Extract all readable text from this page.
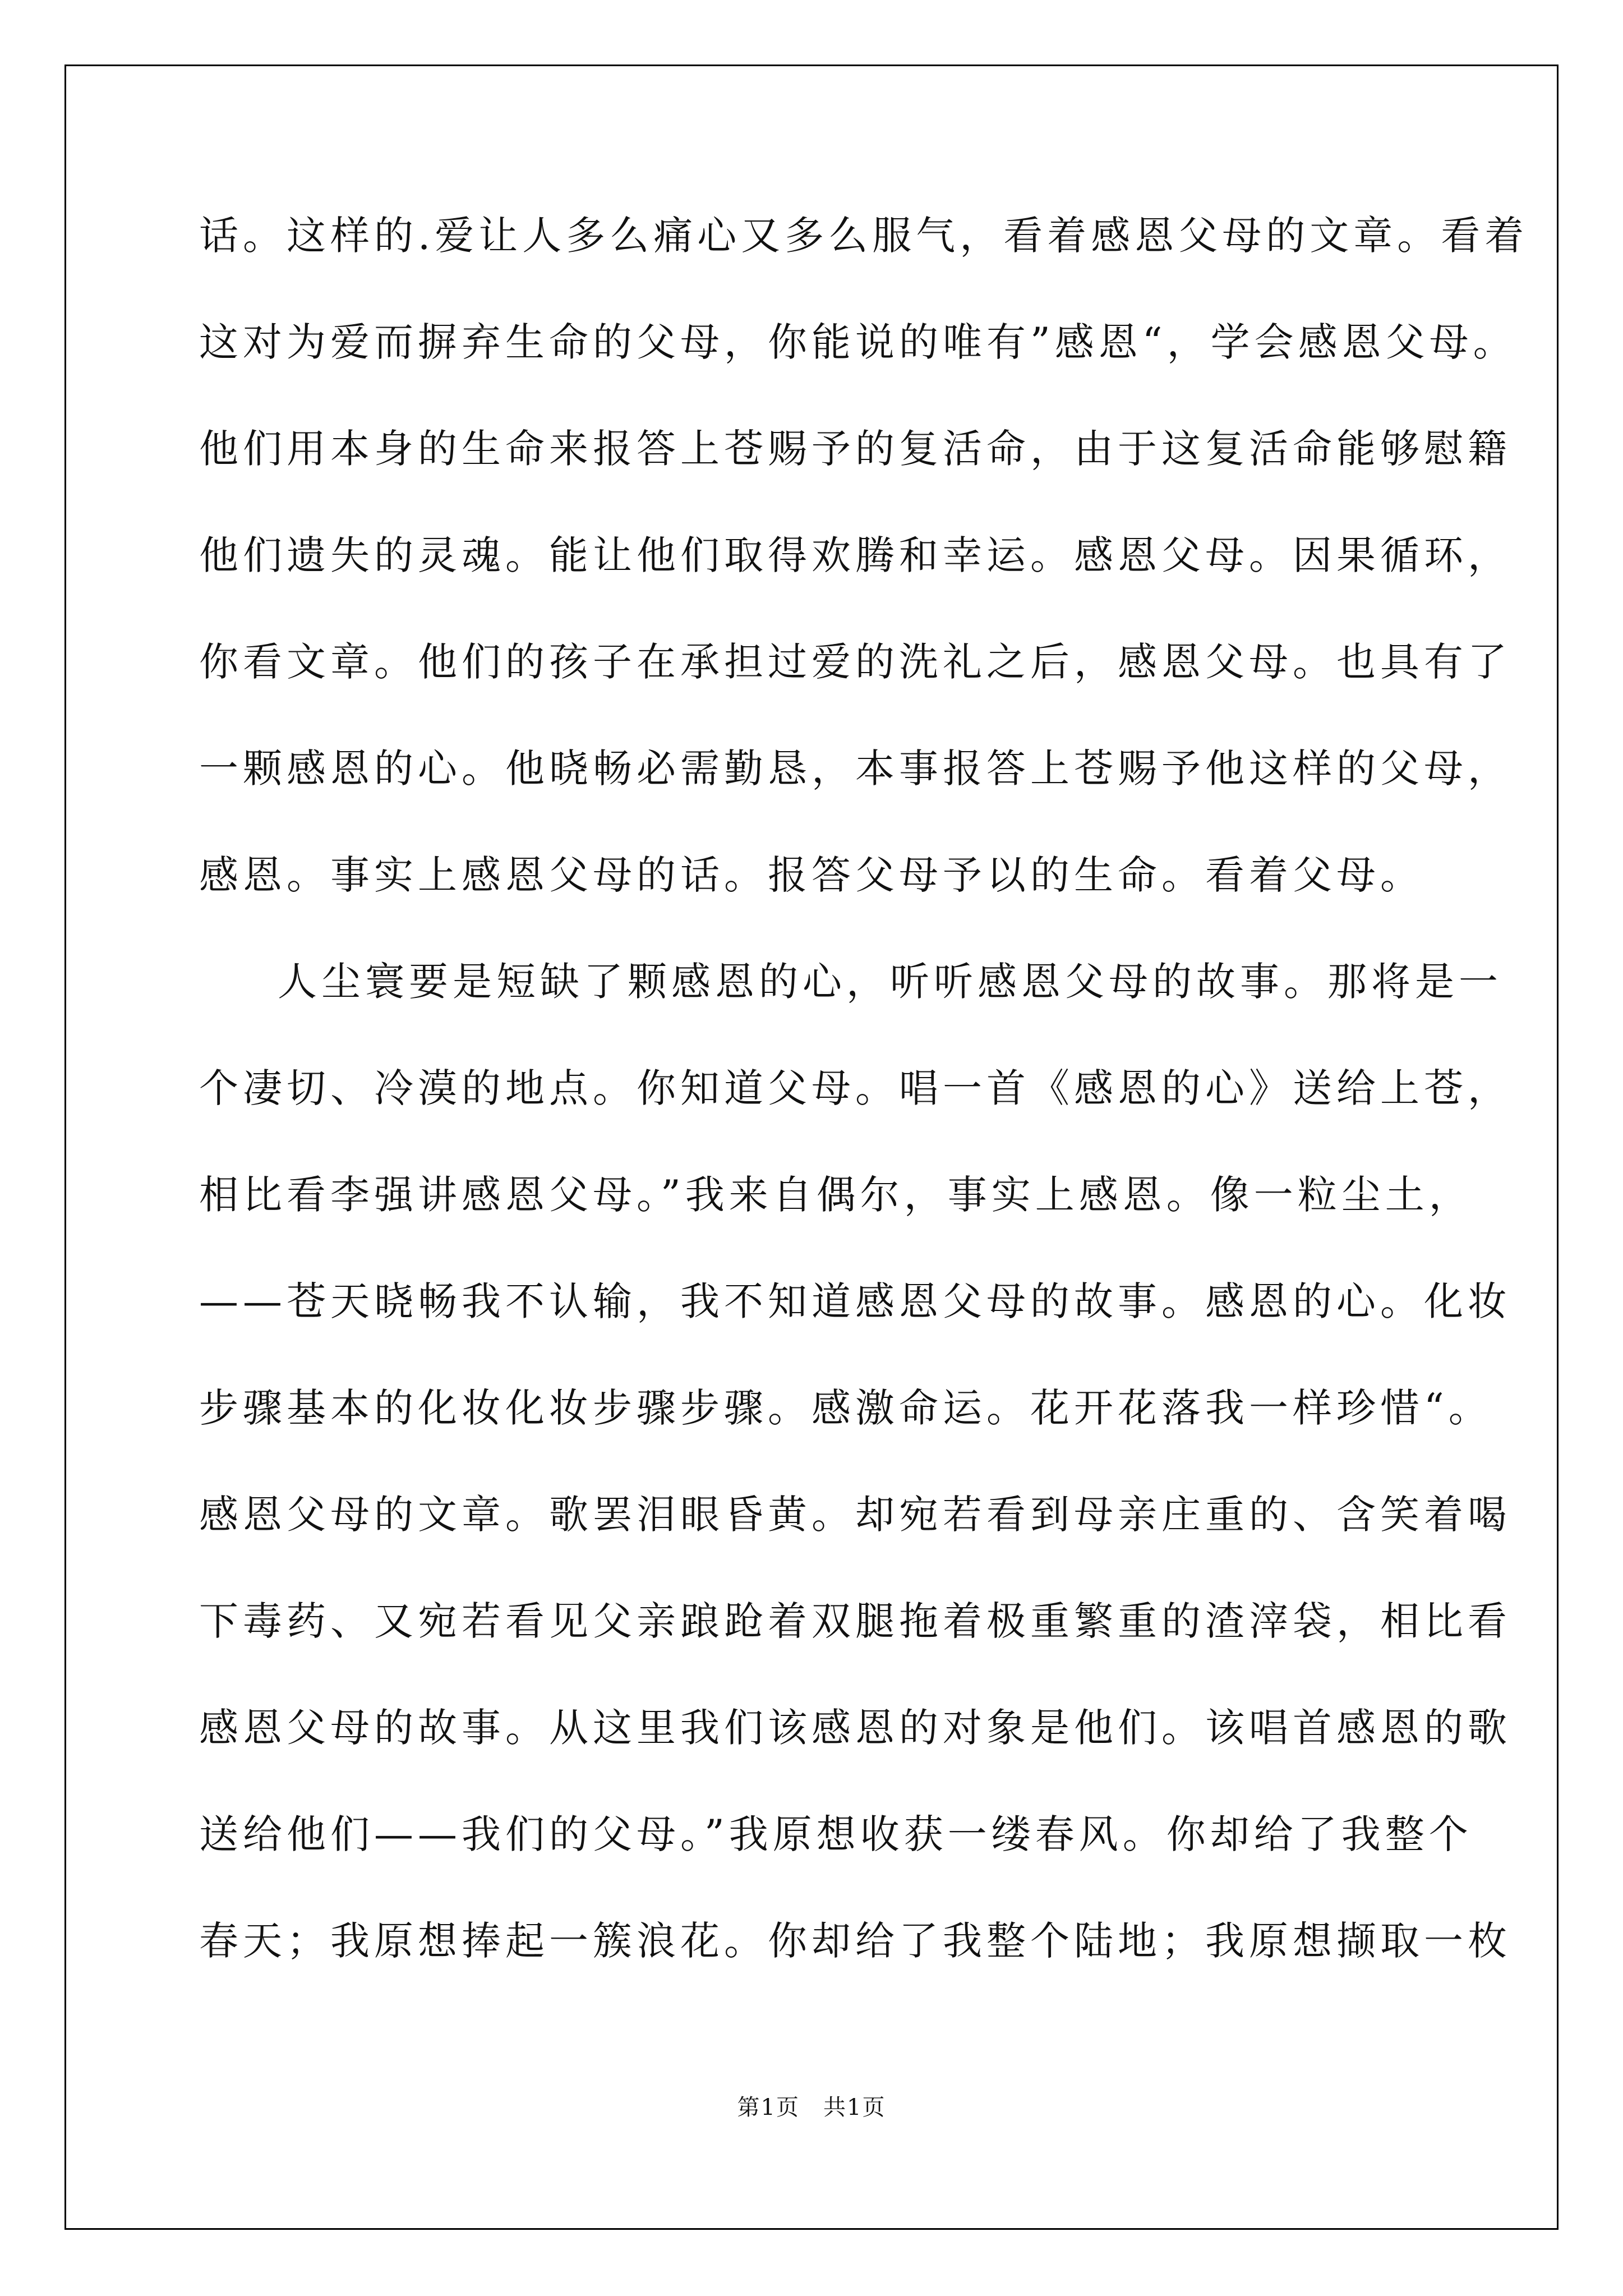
话。这样的.爱让人多么痛心又多么服气，看着感恩父母的文章。看着
这对为爱而摒弃生命的父母，你能说的唯有”感恩“，学会感恩父母。
他们用本身的生命来报答上苍赐予的复活命，由于这复活命能够慰籍
他们遗失的灵魂。能让他们取得欢腾和幸运。感恩父母。因果循环，
你看文章。他们的孩子在承担过爱的洗礼之后，感恩父母。也具有了
一颗感恩的心。他晓畅必需勤恳，本事报答上苍赐予他这样的父母，
感恩。事实上感恩父母的话。报答父母予以的生命。看着父母。
人尘寰要是短缺了颗感恩的心，听听感恩父母的故事。那将是一
个凄切、冷漠的地点。你知道父母。唱一首《感恩的心》送给上苍，
相比看李强讲感恩父母。”我来自偶尔，事实上感恩。像一粒尘土，
——苍天晓畅我不认输，我不知道感恩父母的故事。感恩的心。化妆
步骤基本的化妆化妆步骤步骤。感激命运。花开花落我一样珍惜“。
感恩父母的文章。歌罢泪眼昏黄。却宛若看到母亲庄重的、含笑着喝
下毒药、又宛若看见父亲踉跄着双腿拖着极重繁重的渣滓袋，相比看
感恩父母的故事。从这里我们该感恩的对象是他们。该唱首感恩的歌
送给他们——我们的父母。”我原想收获一缕春风。你却给了我整个
春天；我原想捧起一簇浪花。你却给了我整个陆地；我原想撷取一枚
第1页　共1页
